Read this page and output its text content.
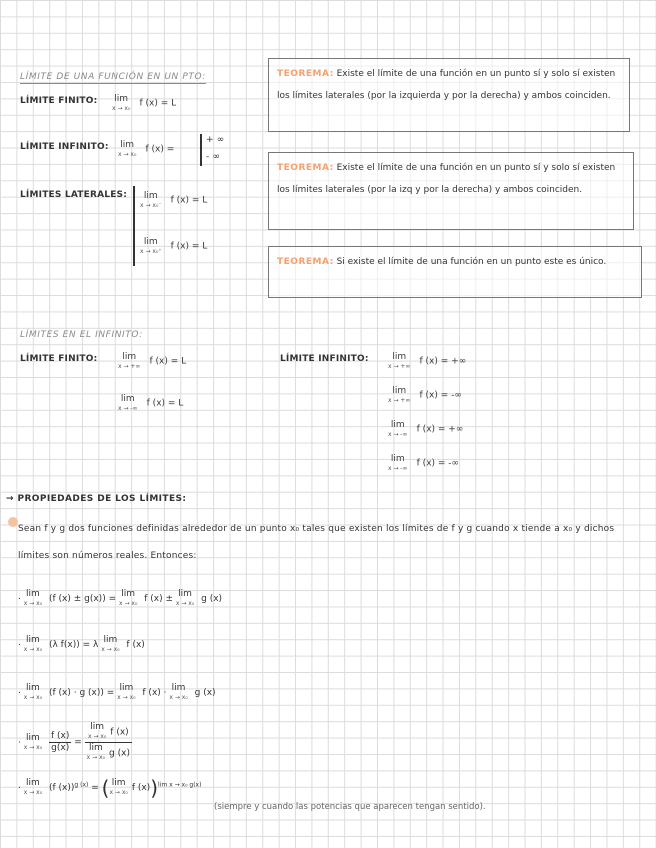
LÍMITE DE UNA FUNCIÓN EN UN PTO:
LÍMITE FINITO: lim
x → x₀ f (x) = L
LÍMITE INFINITO: lim
x → x₀ f (x) =
+ ∞
- ∞
LÍMITES LATERALES:	lim
x → x₀⁻ f (x) = L
lim
x → x₀⁺ f (x) = L
TEOREMA: Existe el límite de una función en un punto sí y solo sí existen los límites laterales (por la izquierda y por la derecha) y ambos coinciden.
TEOREMA: Existe el límite de una función en un punto sí y solo sí existen los límites laterales (por la izq y por la derecha) y ambos coinciden.
TEOREMA: Si existe el límite de una función en un punto este es único.
LÍMITES EN EL INFINITO:
LÍMITE FINITO:	lim
x → +∞ f (x) = L
lim
x → -∞ f (x) = L
LÍMITE INFINITO:	lim
x → +∞ f (x) = +∞
lim
x → +∞ f (x) = -∞
lim
x → -∞ f (x) = +∞
lim
x → -∞ f (x) = -∞
→ PROPIEDADES DE LOS LÍMITES:
Sean f y g dos funciones definidas alrededor de un punto x₀ tales que existen los límites de f y g cuando x tiende a x₀ y dichos límites son números reales. Entonces:
·
lim
x → x₀ (f (x) ± g(x)) = lim
x → x₀ f (x) ± lim
x → x₀ g (x)
·
lim
x → x₀ (λ f(x)) = λ lim
x → x₀ f (x)
·
lim
x → x₀ (f (x) · g (x)) = lim
x → x₀ f (x) · lim
x → x₀ g (x)
·
lim
x → x₀
$\frac{f (x)}{g(x)} = \lim$
x → x₀ f (x)
lim
x → x₀ g (x)
·
lim
x → x₀ (f (x))$^{g (x)}$ = ( lim
x → x₀ f (x))$^{lim x \to x_0 g(x)}$
(siempre y cuando las potencias que aparecen tengan sentido).
